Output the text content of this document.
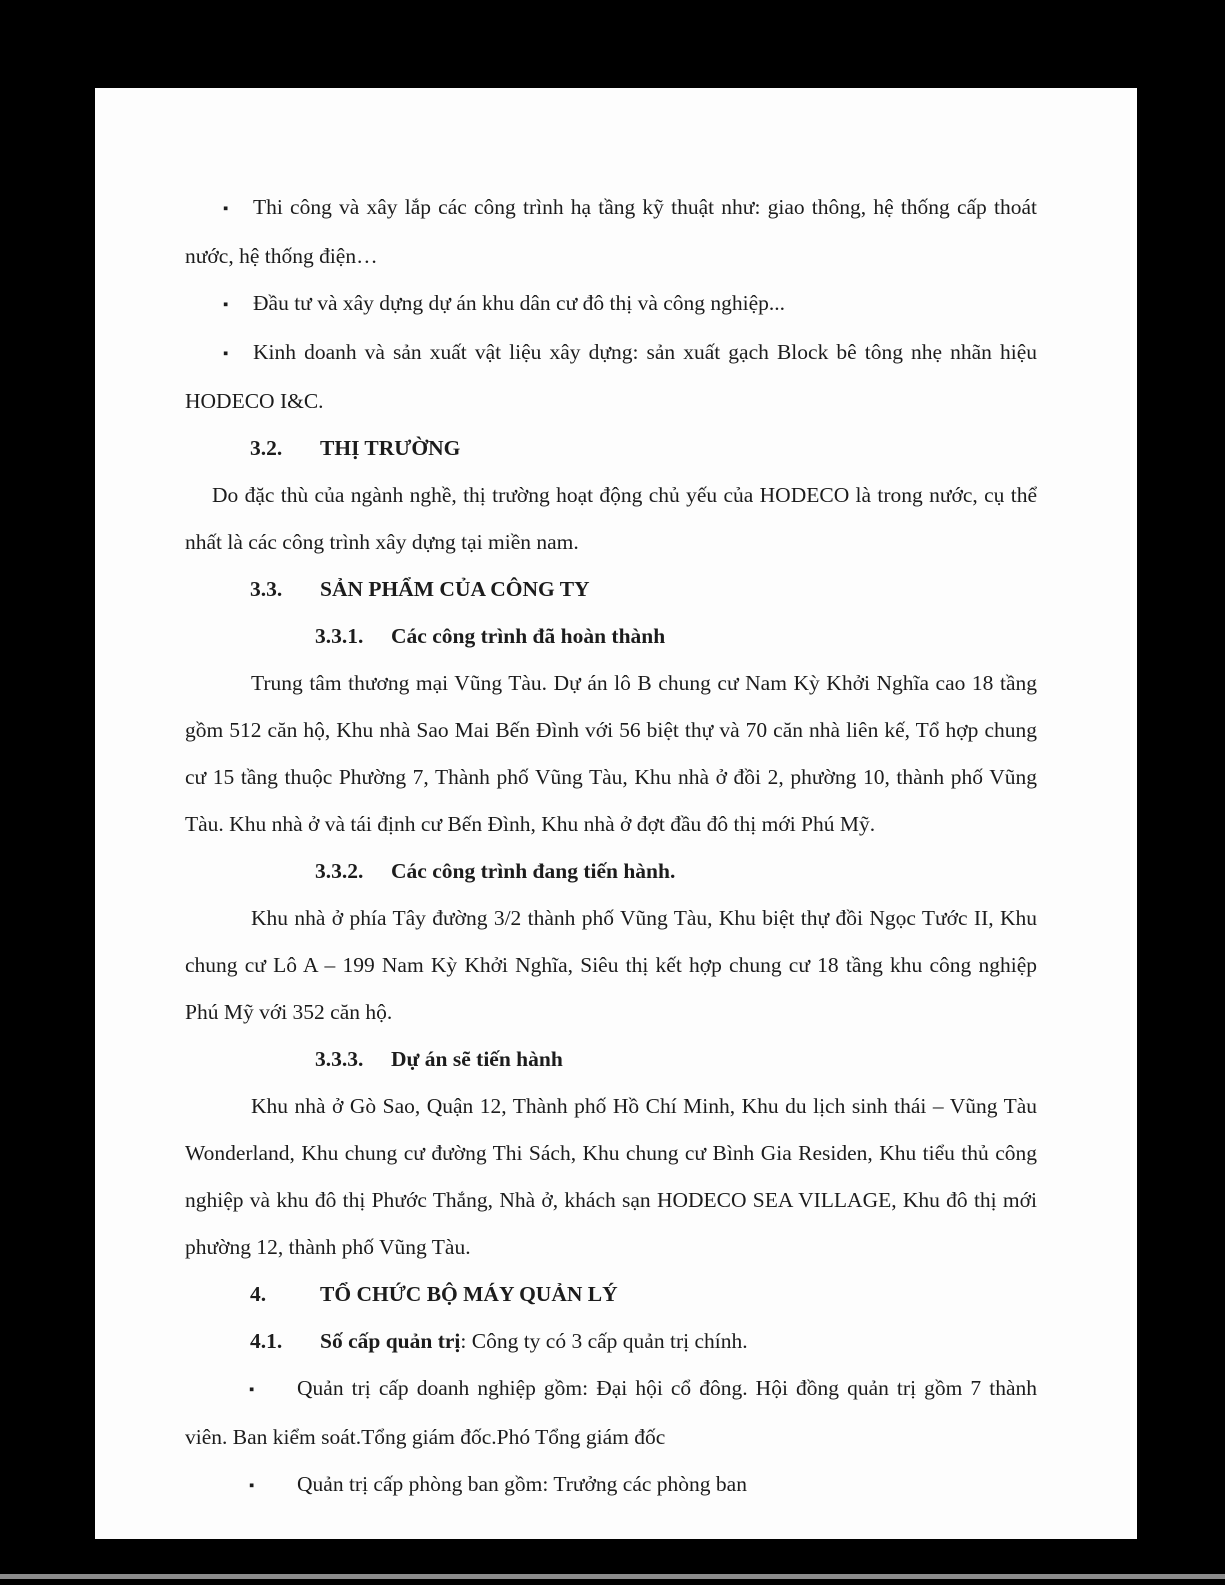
▪ Thi công và xây lắp các công trình hạ tầng kỹ thuật như: giao thông, hệ thống cấp thoát nước, hệ thống điện…

▪ Đầu tư và xây dựng dự án khu dân cư đô thị và công nghiệp...

▪ Kinh doanh và sản xuất vật liệu xây dựng: sản xuất gạch Block bê tông nhẹ nhãn hiệu HODECO I&C.

3.2. THỊ TRƯỜNG

Do đặc thù của ngành nghề, thị trường hoạt động chủ yếu của HODECO là trong nước, cụ thể nhất là các công trình xây dựng tại miền nam.

3.3. SẢN PHẨM CỦA CÔNG TY

3.3.1. Các công trình đã hoàn thành

Trung tâm thương mại Vũng Tàu. Dự án lô B chung cư Nam Kỳ Khởi Nghĩa cao 18 tầng gồm 512 căn hộ, Khu nhà Sao Mai Bến Đình với 56 biệt thự và 70 căn nhà liên kế, Tổ hợp chung cư 15 tầng thuộc Phường 7, Thành phố Vũng Tàu, Khu nhà ở đồi 2, phường 10, thành phố Vũng Tàu. Khu nhà ở và tái định cư Bến Đình, Khu nhà ở đợt đầu đô thị mới Phú Mỹ.

3.3.2. Các công trình đang tiến hành.

Khu nhà ở phía Tây đường 3/2 thành phố Vũng Tàu, Khu biệt thự đồi Ngọc Tước II, Khu chung cư Lô A – 199 Nam Kỳ Khởi Nghĩa, Siêu thị kết hợp chung cư 18 tầng khu công nghiệp Phú Mỹ với 352 căn hộ.

3.3.3. Dự án sẽ tiến hành

Khu nhà ở Gò Sao, Quận 12, Thành phố Hồ Chí Minh, Khu du lịch sinh thái – Vũng Tàu Wonderland, Khu chung cư đường Thi Sách, Khu chung cư Bình Gia Residen, Khu tiểu thủ công nghiệp và khu đô thị Phước Thắng, Nhà ở, khách sạn HODECO SEA VILLAGE, Khu đô thị mới phường 12, thành phố Vũng Tàu.

4.	TỔ CHỨC BỘ MÁY QUẢN LÝ

4.1. Số cấp quản trị: Công ty có 3 cấp quản trị chính.

▪ Quản trị cấp doanh nghiệp gồm: Đại hội cổ đông. Hội đồng quản trị gồm 7 thành viên. Ban kiểm soát.Tổng giám đốc.Phó Tổng giám đốc

▪ Quản trị cấp phòng ban gồm: Trưởng các phòng ban
